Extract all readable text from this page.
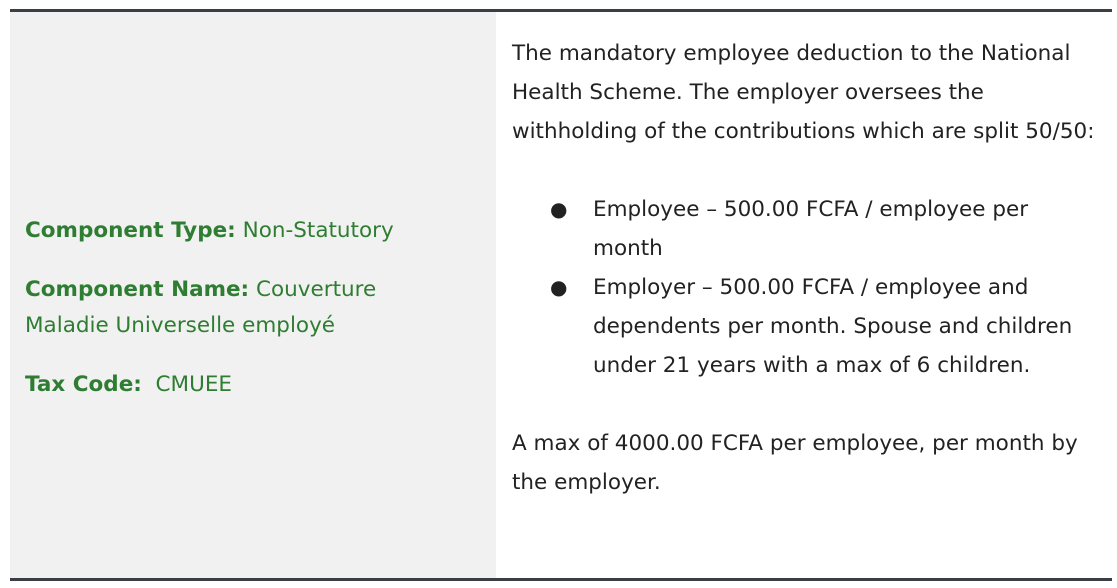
Component Type: Non-Statutory

Component Name: Couverture Maladie Universelle employé

Tax Code: CMUEE

The mandatory employee deduction to the National Health Scheme. The employer oversees the withholding of the contributions which are split 50/50:

● Employee – 500.00 FCFA / employee per month
● Employer – 500.00 FCFA / employee and dependents per month. Spouse and children under 21 years with a max of 6 children.

A max of 4000.00 FCFA per employee, per month by the employer.
